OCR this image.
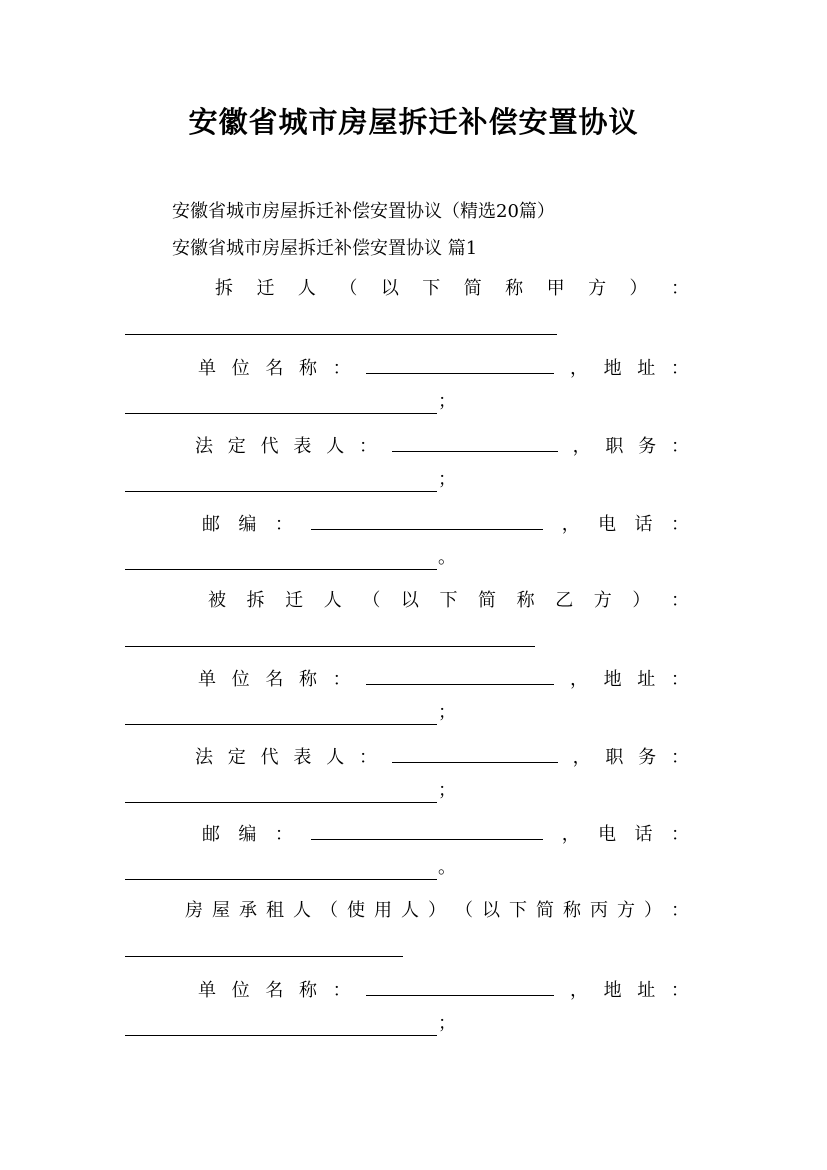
安徽省城市房屋拆迁补偿安置协议
安徽省城市房屋拆迁补偿安置协议（精选20篇）
安徽省城市房屋拆迁补偿安置协议 篇1
拆 迁 人 （ 以 下 简 称 甲 方 ） ：
单 位 名 称 ：	， 地 址 ：
；
法 定 代 表 人 ：	， 职 务 ：
；
邮 编 ：	， 电 话 ：
。
被 拆 迁 人 （ 以 下 简 称 乙 方 ） ：
单 位 名 称 ：	， 地 址 ：
；
法 定 代 表 人 ：	， 职 务 ：
；
邮 编 ：	， 电 话 ：
。
房 屋 承 租 人 （ 使 用 人 ） （ 以 下 简 称 丙 方 ） ：
单 位 名 称 ：	， 地 址 ：
；
